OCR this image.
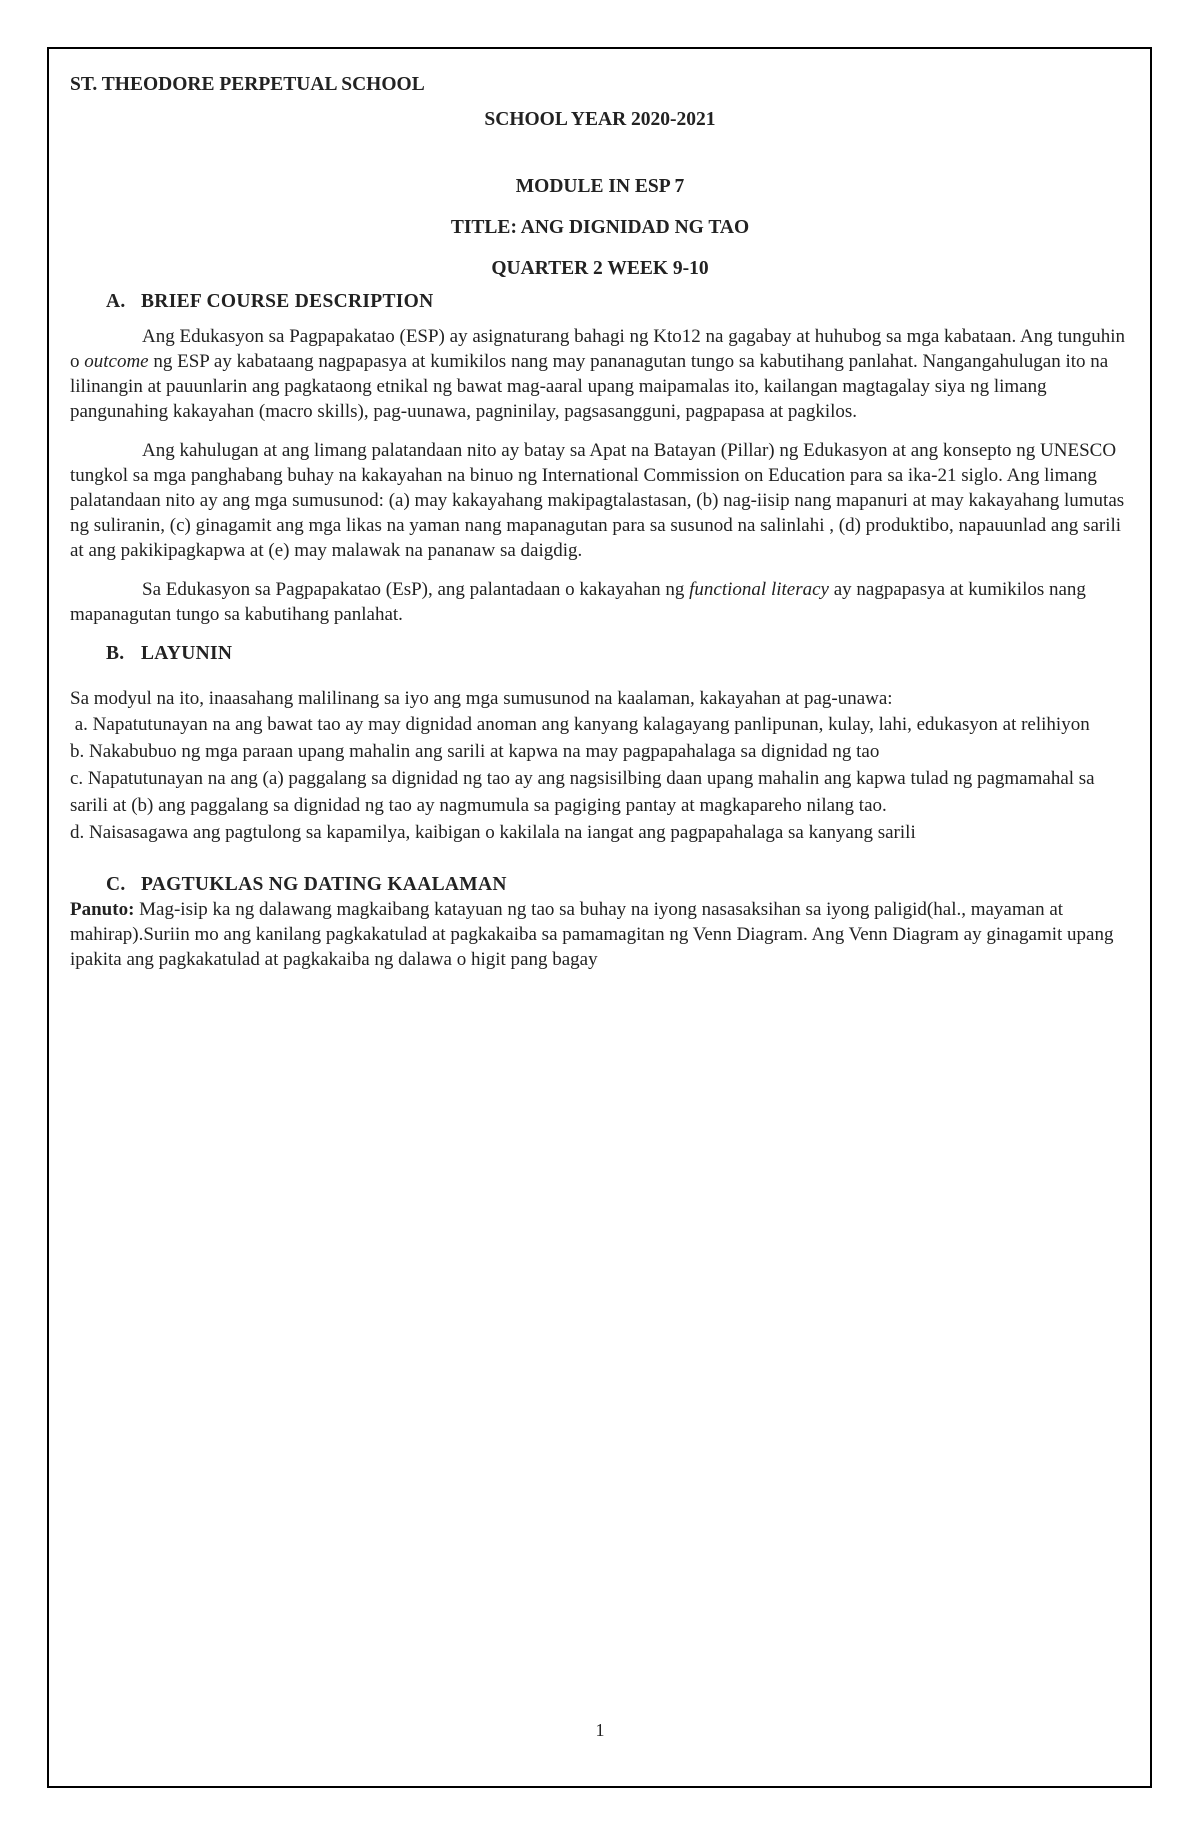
ST. THEODORE PERPETUAL SCHOOL

SCHOOL YEAR 2020-2021

MODULE IN ESP 7

TITLE: ANG DIGNIDAD NG TAO

QUARTER 2 WEEK 9-10

A. BRIEF COURSE DESCRIPTION

Ang Edukasyon sa Pagpapakatao (ESP) ay asignaturang bahagi ng Kto12 na gagabay at huhubog sa mga kabataan. Ang tunguhin o outcome ng ESP ay kabataang nagpapasya at kumikilos nang may pananagutan tungo sa kabutihang panlahat. Nangangahulugan ito na lilinangin at pauunlarin ang pagkataong etnikal ng bawat mag-aaral upang maipamalas ito, kailangan magtagalay siya ng limang pangunahing kakayahan (macro skills), pag-uunawa, pagninilay, pagsasangguni, pagpapasa at pagkilos.

Ang kahulugan at ang limang palatandaan nito ay batay sa Apat na Batayan (Pillar) ng Edukasyon at ang konsepto ng UNESCO tungkol sa mga panghabang buhay na kakayahan na binuo ng International Commission on Education para sa ika-21 siglo. Ang limang palatandaan nito ay ang mga sumusunod: (a) may kakayahang makipagtalastasan, (b) nag-iisip nang mapanuri at may kakayahang lumutas ng suliranin, (c) ginagamit ang mga likas na yaman nang mapanagutan para sa susunod na salinlahi , (d) produktibo, napauunlad ang sarili at ang pakikipagkapwa at (e) may malawak na pananaw sa daigdig.

Sa Edukasyon sa Pagpapakatao (EsP), ang palantadaan o kakayahan ng functional literacy ay nagpapasya at kumikilos nang mapanagutan tungo sa kabutihang panlahat.

B. LAYUNIN

Sa modyul na ito, inaasahang malilinang sa iyo ang mga sumusunod na kaalaman, kakayahan at pag-unawa:

a. Napatutunayan na ang bawat tao ay may dignidad anoman ang kanyang kalagayang panlipunan, kulay, lahi, edukasyon at relihiyon
b. Nakabubuo ng mga paraan upang mahalin ang sarili at kapwa na may pagpapahalaga sa dignidad ng tao
c. Napatutunayan na ang (a) paggalang sa dignidad ng tao ay ang nagsisilbing daan upang mahalin ang kapwa tulad ng pagmamahal sa sarili at (b) ang paggalang sa dignidad ng tao ay nagmumula sa pagiging pantay at magkapareho nilang tao.
d. Naisasagawa ang pagtulong sa kapamilya, kaibigan o kakilala na iangat ang pagpapahalaga sa kanyang sarili

C. PAGTUKLAS NG DATING KAALAMAN

Panuto: Mag-isip ka ng dalawang magkaibang katayuan ng tao sa buhay na iyong nasasaksihan sa iyong paligid(hal., mayaman at mahirap).Suriin mo ang kanilang pagkakatulad at pagkakaiba sa pamamagitan ng Venn Diagram. Ang Venn Diagram ay ginagamit upang ipakita ang pagkakatulad at pagkakaiba ng dalawa o higit pang bagay

1
